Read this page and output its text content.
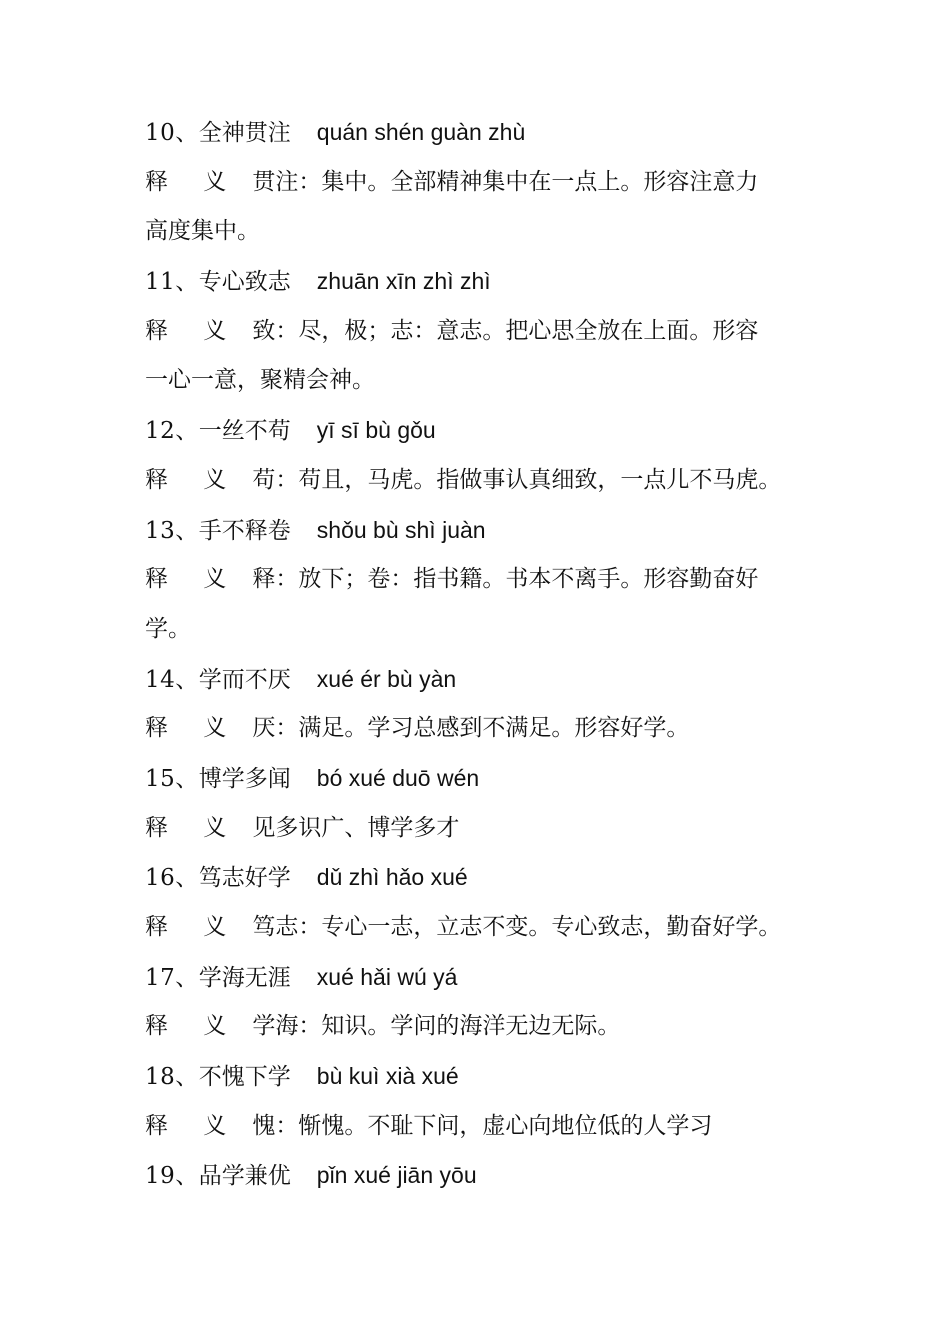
10、全神贯注 quán shén guàn zhù
释 义 贯注：集中。全部精神集中在一点上。形容注意力
高度集中。
11、专心致志 zhuān xīn zhì zhì
释 义 致：尽，极；志：意志。把心思全放在上面。形容
一心一意，聚精会神。
12、一丝不苟 yī sī bù gǒu
释 义 苟：苟且，马虎。指做事认真细致，一点儿不马虎。
13、手不释卷 shǒu bù shì juàn
释 义 释：放下；卷：指书籍。书本不离手。形容勤奋好
学。
14、学而不厌 xué ér bù yàn
释 义 厌：满足。学习总感到不满足。形容好学。
15、博学多闻 bó xué duō wén
释 义 见多识广、博学多才
16、笃志好学 dǔ zhì hǎo xué
释 义 笃志：专心一志，立志不变。专心致志，勤奋好学。
17、学海无涯 xué hǎi wú yá
释 义 学海：知识。学问的海洋无边无际。
18、不愧下学 bù kuì xià xué
释 义 愧：惭愧。不耻下问，虚心向地位低的人学习
19、品学兼优 pǐn xué jiān yōu
